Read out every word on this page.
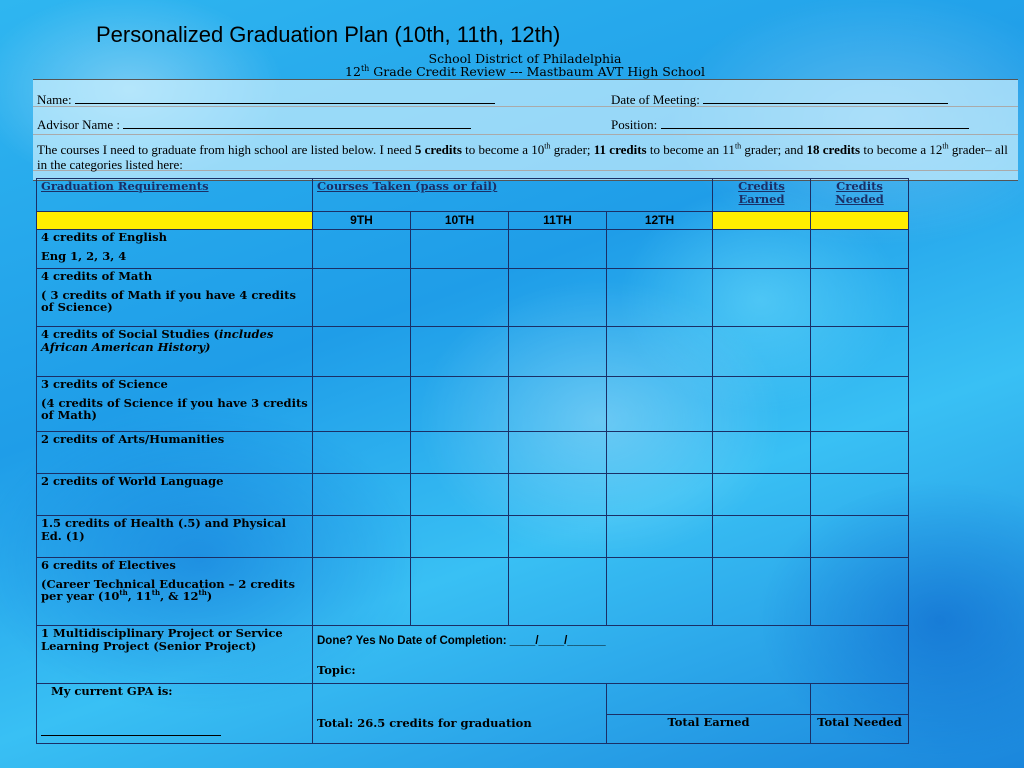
Personalized Graduation Plan (10th, 11th, 12th)
School District of Philadelphia
12th Grade Credit Review --- Mastbaum AVT High School
Name:	Date of Meeting:
Advisor Name :	Position:
The courses I need to graduate from high school are listed below. I need 5 credits to become a 10th grader; 11 credits to become an 11th grader; and 18 credits to become a 12th grader– all in the categories listed here:
Graduation Requirements	Courses Taken (pass or fail)				Credits Earned	Credits Needed
	9TH	10TH	11TH	12TH		

4 credits of English
Eng 1, 2, 3, 4						

4 credits of Math
( 3 credits of Math if you have 4 credits of Science)						

4 credits of Social Studies (includes African American History)						

3 credits of Science
(4 credits of Science if you have 3 credits of Math)						

2 credits of Arts/Humanities						
2 credits of World Language						
1.5 credits of Health (.5) and Physical Ed. (1)						

6 credits of Electives
(Career Technical Education – 2 credits per year (10th, 11th, & 12th)						

1 Multidisciplinary Project or Service Learning Project (Senior Project)	Done? Yes No Date of Completion: ____/____/______
Topic:					

My current GPA is:	Total: 26.5 credits for graduation					
				Total Earned		Total Needed
